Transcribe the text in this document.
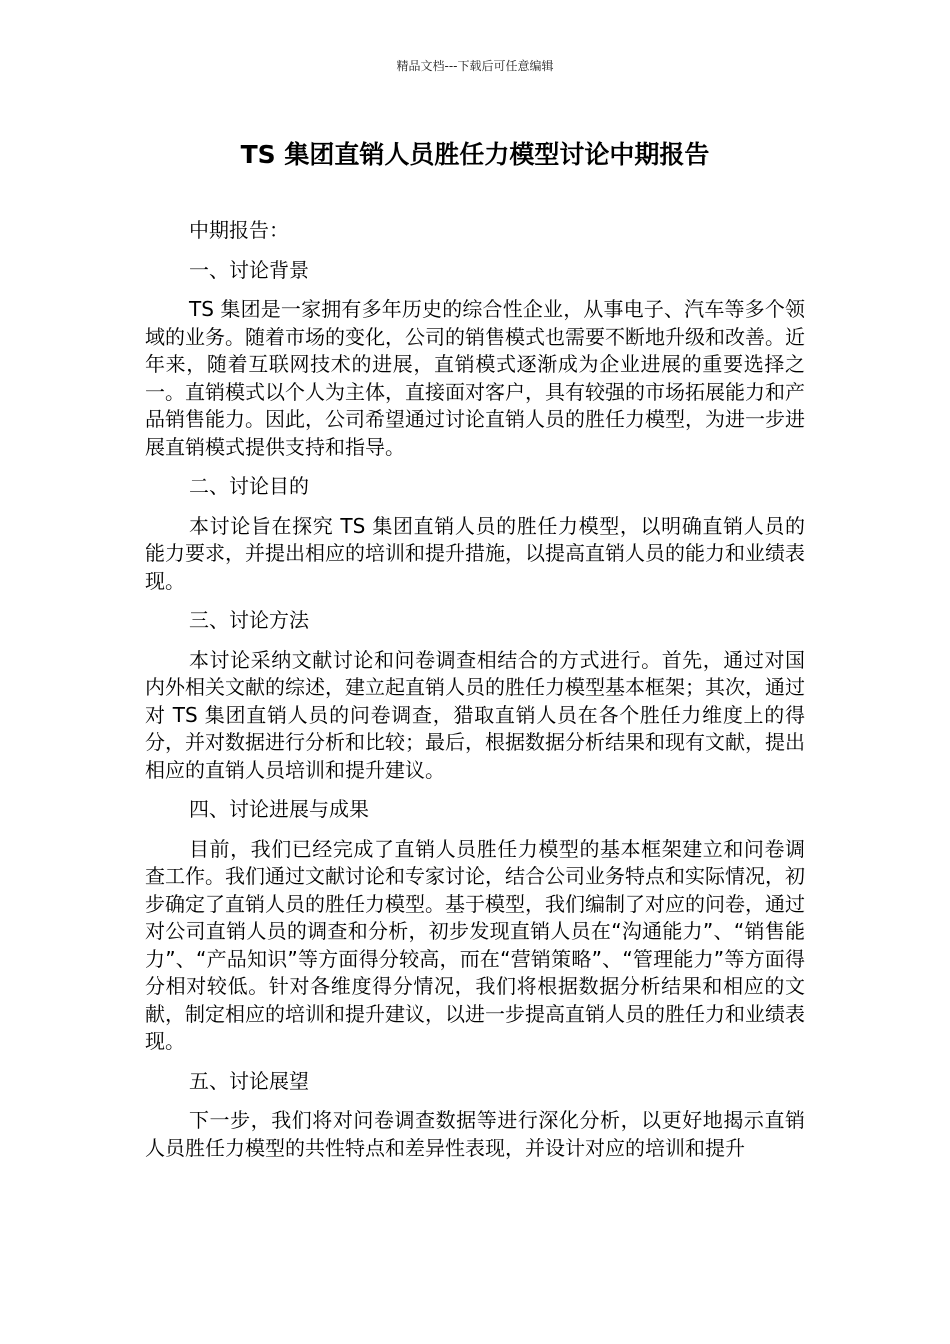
精品文档---下载后可任意编辑
TS 集团直销人员胜任力模型讨论中期报告

中期报告：

一、讨论背景

TS 集团是一家拥有多年历史的综合性企业，从事电子、汽车等多个领域的业务。随着市场的变化，公司的销售模式也需要不断地升级和改善。近年来，随着互联网技术的进展，直销模式逐渐成为企业进展的重要选择之一。直销模式以个人为主体，直接面对客户，具有较强的市场拓展能力和产品销售能力。因此，公司希望通过讨论直销人员的胜任力模型，为进一步进展直销模式提供支持和指导。

二、讨论目的

本讨论旨在探究 TS 集团直销人员的胜任力模型，以明确直销人员的能力要求，并提出相应的培训和提升措施，以提高直销人员的能力和业绩表现。

三、讨论方法

本讨论采纳文献讨论和问卷调查相结合的方式进行。首先，通过对国内外相关文献的综述，建立起直销人员的胜任力模型基本框架；其次，通过对 TS 集团直销人员的问卷调查，猎取直销人员在各个胜任力维度上的得分，并对数据进行分析和比较；最后，根据数据分析结果和现有文献，提出相应的直销人员培训和提升建议。

四、讨论进展与成果

目前，我们已经完成了直销人员胜任力模型的基本框架建立和问卷调查工作。我们通过文献讨论和专家讨论，结合公司业务特点和实际情况，初步确定了直销人员的胜任力模型。基于模型，我们编制了对应的问卷，通过对公司直销人员的调查和分析，初步发现直销人员在“沟通能力”、“销售能力”、“产品知识”等方面得分较高，而在“营销策略”、“管理能力”等方面得分相对较低。针对各维度得分情况，我们将根据数据分析结果和相应的文献，制定相应的培训和提升建议，以进一步提高直销人员的胜任力和业绩表现。

五、讨论展望

下一步，我们将对问卷调查数据等进行深化分析，以更好地揭示直销人员胜任力模型的共性特点和差异性表现，并设计对应的培训和提升
